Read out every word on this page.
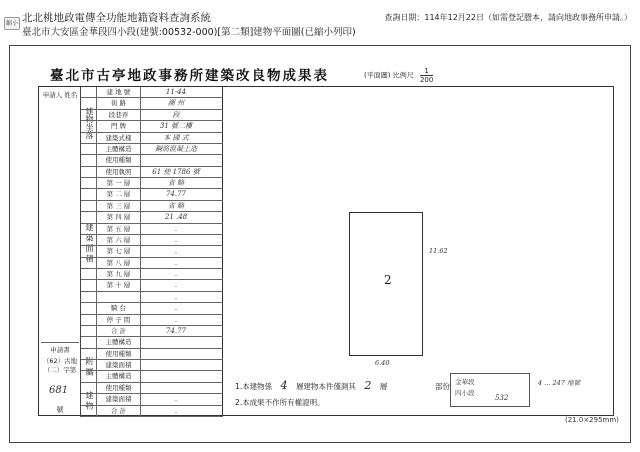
縮小 北北桃地政電傳全功能地籍資料查詢系統	查詢日期：114年12月22日（如需登記謄本，請向地政事務所申請。）
臺北市大安區金華段四小段(建號:00532-000)[第二類]建物平面圖(已縮小列印)
臺北市古亭地政事務所建築改良物成果表	(平面圖) 比例尺 $\frac{1}{200}$
申請人 姓名
申請書
（62）古地（二）字第
681
號
建物坐落
建 築 面 積
附 屬
建 物
建 地 號	11-44
街 路	潮 州
段巷弄	段
門 牌	31 號二樓
建築式樣	本 國 式
主體構造	鋼筋混凝土造
使用種類
使用執照	61 使 1786 號
第 一 層	省 略
第 二 層	74.77
第 三 層	省 略
第 四 層	21 .48
第 五 層	.
第 六 層	.
第 七 層	.
第 八 層	.
第 九 層	.
第 十 層	.
.
騎 台	.
停 子 間	.
合 計	74.77
主體構造
使用種類
建築面積
主體構造
使用種類
建築面積	.
合 計	.
2
11.62
6.40
1.本建物係 4 層建物本件僅測其 2 層
2.本成果不作所有權證明。
部份 金華段
四小段
532
4 ... 247 地號
(21.0×295mm)
